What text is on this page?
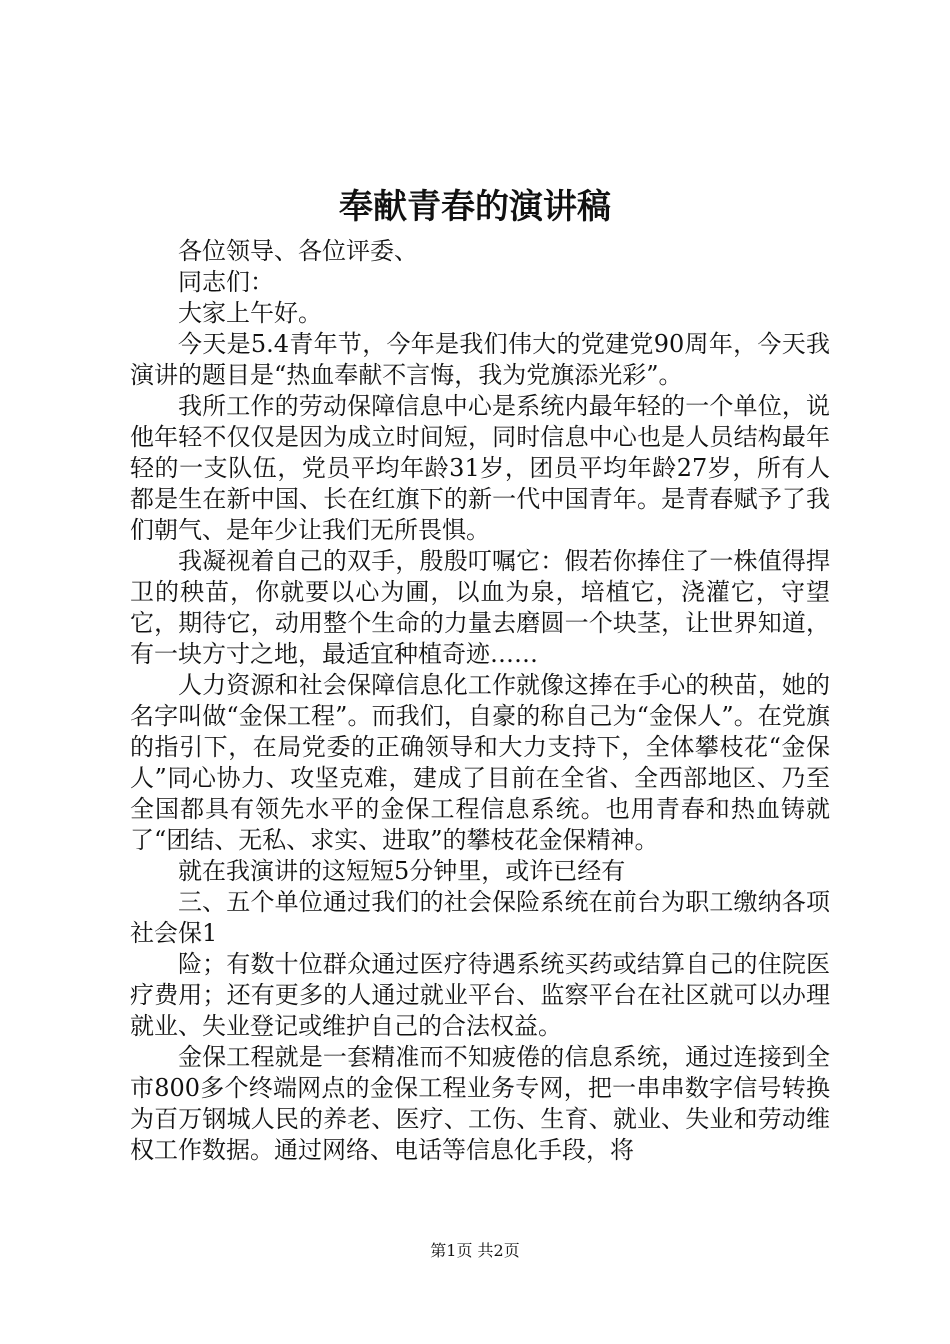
奉献青春的演讲稿

各位领导、各位评委、

同志们：

大家上午好。

今天是5.4青年节，今年是我们伟大的党建党90周年，今天我演讲的题目是“热血奉献不言悔，我为党旗添光彩”。

我所工作的劳动保障信息中心是系统内最年轻的一个单位，说他年轻不仅仅是因为成立时间短，同时信息中心也是人员结构最年轻的一支队伍，党员平均年龄31岁，团员平均年龄27岁，所有人都是生在新中国、长在红旗下的新一代中国青年。是青春赋予了我们朝气、是年少让我们无所畏惧。

我凝视着自己的双手，殷殷叮嘱它：假若你捧住了一株值得捍卫的秧苗，你就要以心为圃，以血为泉，培植它，浇灌它，守望它，期待它，动用整个生命的力量去磨圆一个块茎，让世界知道，有一块方寸之地，最适宜种植奇迹……

人力资源和社会保障信息化工作就像这捧在手心的秧苗，她的名字叫做“金保工程”。而我们，自豪的称自己为“金保人”。在党旗的指引下，在局党委的正确领导和大力支持下，全体攀枝花“金保人”同心协力、攻坚克难，建成了目前在全省、全西部地区、乃至全国都具有领先水平的金保工程信息系统。也用青春和热血铸就了“团结、无私、求实、进取”的攀枝花金保精神。

就在我演讲的这短短5分钟里，或许已经有

三、五个单位通过我们的社会保险系统在前台为职工缴纳各项社会保1

险；有数十位群众通过医疗待遇系统买药或结算自己的住院医疗费用；还有更多的人通过就业平台、监察平台在社区就可以办理就业、失业登记或维护自己的合法权益。

金保工程就是一套精准而不知疲倦的信息系统，通过连接到全市800多个终端网点的金保工程业务专网，把一串串数字信号转换为百万钢城人民的养老、医疗、工伤、生育、就业、失业和劳动维权工作数据。通过网络、电话等信息化手段，将

第1页 共2页
